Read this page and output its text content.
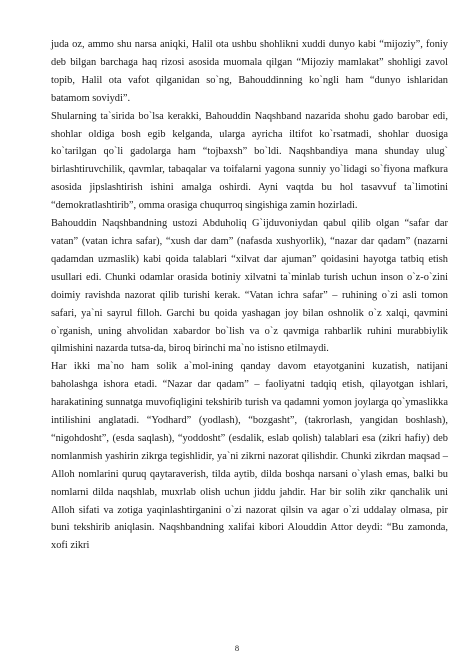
juda oz, ammo shu narsa aniqki, Halil ota ushbu shohlikni xuddi dunyo kabi “mijoziy”, foniy deb bilgan barchaga haq rizosi asosida muomala qilgan “Mijoziy mamlakat” shohligi zavol topib, Halil ota vafot qilganidan so`ng, Bahouddinning ko`ngli ham “dunyo ishlaridan batamom soviydi”.

Shularning ta`sirida bo`lsa kerakki, Bahouddin Naqshband nazarida shohu gado barobar edi, shohlar oldiga bosh egib kelganda, ularga ayricha iltifot ko`rsatmadi, shohlar duosiga ko`tarilgan qo`li gadolarga ham “tojbaxsh” bo`ldi. Naqshbandiya mana shunday ulug` birlashtiruvchilik, qavmlar, tabaqalar va toifalarni yagona sunniy yo`lidagi so`fiyona mafkura asosida jipslashtirish ishini amalga oshirdi. Ayni vaqtda bu hol tasavvuf ta`limotini “demokratlashtirib”, omma orasiga chuqurroq singishiga zamin hozirladi.

Bahouddin Naqshbandning ustozi Abduholiq G`ijduvoniydan qabul qilib olgan “safar dar vatan” (vatan ichra safar), “xush dar dam” (nafasda xushyorlik), “nazar dar qadam” (nazarni qadamdan uzmaslik) kabi qoida talablari “xilvat dar ajuman” qoidasini hayotga tatbiq etish usullari edi. Chunki odamlar orasida botiniy xilvatni ta`minlab turish uchun inson o`z-o`zini doimiy ravishda nazorat qilib turishi kerak. “Vatan ichra safar” – ruhining o`zi asli tomon safari, ya`ni sayrul filloh. Garchi bu qoida yashagan joy bilan oshnolik o`z xalqi, qavmini o`rganish, uning ahvolidan xabardor bo`lish va o`z qavmiga rahbarlik ruhini murabbiylik qilmishini nazarda tutsa-da, biroq birinchi ma`no istisno etilmaydi.

Har ikki ma`no ham solik a`mol-ining qanday davom etayotganini kuzatish, natijani baholashga ishora etadi. “Nazar dar qadam” – faoliyatni tadqiq etish, qilayotgan ishlari, harakatining sunnatga muvofiqligini tekshirib turish va qadamni yomon joylarga qo`ymaslikka intilishini anglatadi. “Yodhard” (yodlash), “bozgasht”, (takrorlash, yangidan boshlash), “nigohdosht”, (esda saqlash), “yoddosht” (esdalik, eslab qolish) talablari esa (zikri hafiy) deb nomlanmish yashirin zikrga tegishlidir, ya`ni zikrni nazorat qilishdir. Chunki zikrdan maqsad – Alloh nomlarini quruq qaytaraverish, tilda aytib, dilda boshqa narsani o`ylash emas, balki bu nomlarni dilda naqshlab, muxrlab olish uchun jiddu jahdir. Har bir solih zikr qanchalik uni Alloh sifati va zotiga yaqinlashtirganini o`zi nazorat qilsin va agar o`zi uddalay olmasa, pir buni tekshirib aniqlasin. Naqshbandning xalifai kibori Alouddin Attor deydi: “Bu zamonda, xofi zikri

8
